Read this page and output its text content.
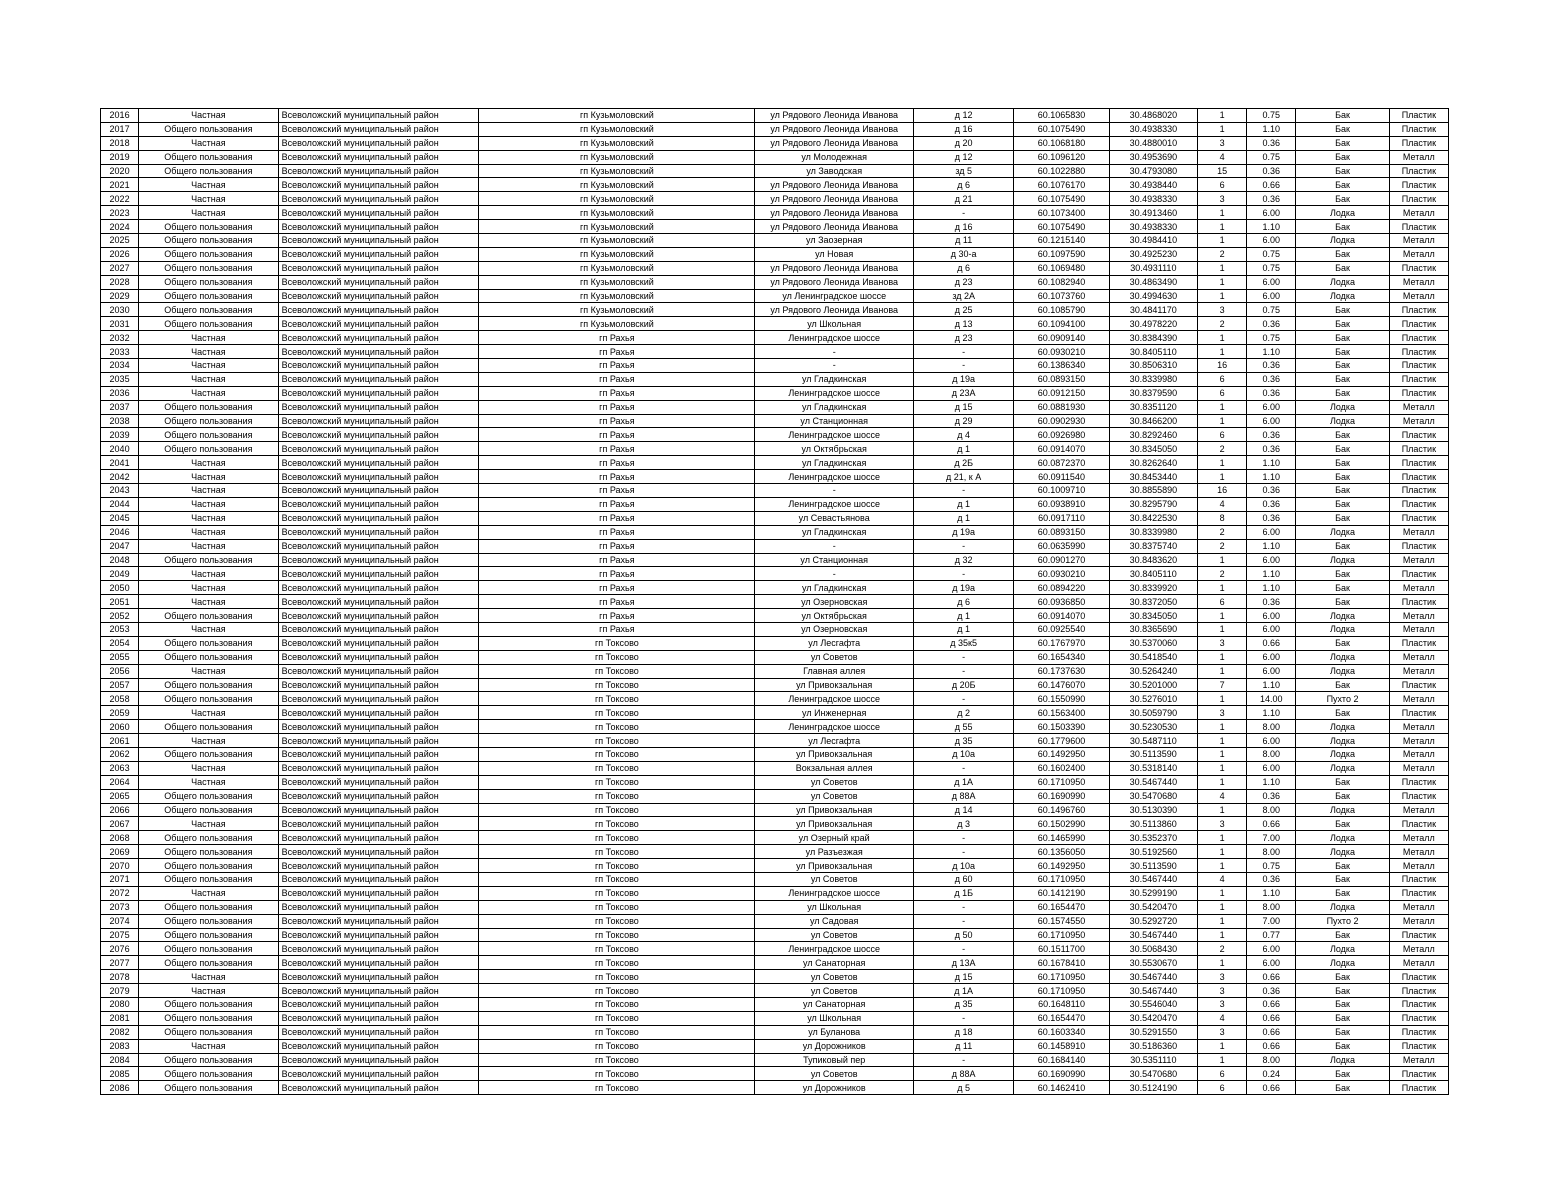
2016	Частная	Всеволожский муниципальный район	гп Кузьмоловский	ул Рядового Леонида Иванова	д 12	60.1065830	30.4868020	1	0.75	Бак	Пластик
2017	Общего пользования	Всеволожский муниципальный район	гп Кузьмоловский	ул Рядового Леонида Иванова	д 16	60.1075490	30.4938330	1	1.10	Бак	Пластик
2018	Частная	Всеволожский муниципальный район	гп Кузьмоловский	ул Рядового Леонида Иванова	д 20	60.1068180	30.4880010	3	0.36	Бак	Пластик
2019	Общего пользования	Всеволожский муниципальный район	гп Кузьмоловский	ул Молодежная	д 12	60.1096120	30.4953690	4	0.75	Бак	Металл
2020	Общего пользования	Всеволожский муниципальный район	гп Кузьмоловский	ул Заводская	зд 5	60.1022880	30.4793080	15	0.36	Бак	Пластик
2021	Частная	Всеволожский муниципальный район	гп Кузьмоловский	ул Рядового Леонида Иванова	д 6	60.1076170	30.4938440	6	0.66	Бак	Пластик
2022	Частная	Всеволожский муниципальный район	гп Кузьмоловский	ул Рядового Леонида Иванова	д 21	60.1075490	30.4938330	3	0.36	Бак	Пластик
2023	Частная	Всеволожский муниципальный район	гп Кузьмоловский	ул Рядового Леонида Иванова	-	60.1073400	30.4913460	1	6.00	Лодка	Металл
2024	Общего пользования	Всеволожский муниципальный район	гп Кузьмоловский	ул Рядового Леонида Иванова	д 16	60.1075490	30.4938330	1	1.10	Бак	Пластик
2025	Общего пользования	Всеволожский муниципальный район	гп Кузьмоловский	ул Заозерная	д 11	60.1215140	30.4984410	1	6.00	Лодка	Металл
2026	Общего пользования	Всеволожский муниципальный район	гп Кузьмоловский	ул Новая	д 30-а	60.1097590	30.4925230	2	0.75	Бак	Металл
2027	Общего пользования	Всеволожский муниципальный район	гп Кузьмоловский	ул Рядового Леонида Иванова	д 6	60.1069480	30.4931110	1	0.75	Бак	Пластик
2028	Общего пользования	Всеволожский муниципальный район	гп Кузьмоловский	ул Рядового Леонида Иванова	д 23	60.1082940	30.4863490	1	6.00	Лодка	Металл
2029	Общего пользования	Всеволожский муниципальный район	гп Кузьмоловский	ул Ленинградское шоссе	зд 2А	60.1073760	30.4994630	1	6.00	Лодка	Металл
2030	Общего пользования	Всеволожский муниципальный район	гп Кузьмоловский	ул Рядового Леонида Иванова	д 25	60.1085790	30.4841170	3	0.75	Бак	Пластик
2031	Общего пользования	Всеволожский муниципальный район	гп Кузьмоловский	ул Школьная	д 13	60.1094100	30.4978220	2	0.36	Бак	Пластик
2032	Частная	Всеволожский муниципальный район	гп Рахья	Ленинградское шоссе	д 23	60.0909140	30.8384390	1	0.75	Бак	Пластик
2033	Частная	Всеволожский муниципальный район	гп Рахья	-	-	60.0930210	30.8405110	1	1.10	Бак	Пластик
2034	Частная	Всеволожский муниципальный район	гп Рахья	-	-	60.1386340	30.8506310	16	0.36	Бак	Пластик
2035	Частная	Всеволожский муниципальный район	гп Рахья	ул Гладкинская	д 19а	60.0893150	30.8339980	6	0.36	Бак	Пластик
2036	Частная	Всеволожский муниципальный район	гп Рахья	Ленинградское шоссе	д 23А	60.0912150	30.8379590	6	0.36	Бак	Пластик
2037	Общего пользования	Всеволожский муниципальный район	гп Рахья	ул Гладкинская	д 15	60.0881930	30.8351120	1	6.00	Лодка	Металл
2038	Общего пользования	Всеволожский муниципальный район	гп Рахья	ул Станционная	д 29	60.0902930	30.8466200	1	6.00	Лодка	Металл
2039	Общего пользования	Всеволожский муниципальный район	гп Рахья	Ленинградское шоссе	д 4	60.0926980	30.8292460	6	0.36	Бак	Пластик
2040	Общего пользования	Всеволожский муниципальный район	гп Рахья	ул Октябрьская	д 1	60.0914070	30.8345050	2	0.36	Бак	Пластик
2041	Частная	Всеволожский муниципальный район	гп Рахья	ул Гладкинская	д 2Б	60.0872370	30.8262640	1	1.10	Бак	Пластик
2042	Частная	Всеволожский муниципальный район	гп Рахья	Ленинградское шоссе	д 21, к А	60.0911540	30.8453440	1	1.10	Бак	Пластик
2043	Частная	Всеволожский муниципальный район	гп Рахья	-	-	60.1009710	30.8855890	16	0.36	Бак	Пластик
2044	Частная	Всеволожский муниципальный район	гп Рахья	Ленинградское шоссе	д 1	60.0938910	30.8295790	4	0.36	Бак	Пластик
2045	Частная	Всеволожский муниципальный район	гп Рахья	ул Севастьянова	д 1	60.0917110	30.8422530	8	0.36	Бак	Пластик
2046	Частная	Всеволожский муниципальный район	гп Рахья	ул Гладкинская	д 19а	60.0893150	30.8339980	2	6.00	Лодка	Металл
2047	Частная	Всеволожский муниципальный район	гп Рахья	-	-	60.0635990	30.8375740	2	1.10	Бак	Пластик
2048	Общего пользования	Всеволожский муниципальный район	гп Рахья	ул Станционная	д 32	60.0901270	30.8483620	1	6.00	Лодка	Металл
2049	Частная	Всеволожский муниципальный район	гп Рахья	-	-	60.0930210	30.8405110	2	1.10	Бак	Пластик
2050	Частная	Всеволожский муниципальный район	гп Рахья	ул Гладкинская	д 19а	60.0894220	30.8339920	1	1.10	Бак	Металл
2051	Частная	Всеволожский муниципальный район	гп Рахья	ул Озерновская	д 6	60.0936850	30.8372050	6	0.36	Бак	Пластик
2052	Общего пользования	Всеволожский муниципальный район	гп Рахья	ул Октябрьская	д 1	60.0914070	30.8345050	1	6.00	Лодка	Металл
2053	Частная	Всеволожский муниципальный район	гп Рахья	ул Озерновская	д 1	60.0925540	30.8365690	1	6.00	Лодка	Металл
2054	Общего пользования	Всеволожский муниципальный район	гп Токсово	ул Лесгафта	д 35к5	60.1767970	30.5370060	3	0.66	Бак	Пластик
2055	Общего пользования	Всеволожский муниципальный район	гп Токсово	ул Советов	-	60.1654340	30.5418540	1	6.00	Лодка	Металл
2056	Частная	Всеволожский муниципальный район	гп Токсово	Главная аллея	-	60.1737630	30.5264240	1	6.00	Лодка	Металл
2057	Общего пользования	Всеволожский муниципальный район	гп Токсово	ул Привокзальная	д 20Б	60.1476070	30.5201000	7	1.10	Бак	Пластик
2058	Общего пользования	Всеволожский муниципальный район	гп Токсово	Ленинградское шоссе	-	60.1550990	30.5276010	1	14.00	Пухто 2	Металл
2059	Частная	Всеволожский муниципальный район	гп Токсово	ул Инженерная	д 2	60.1563400	30.5059790	3	1.10	Бак	Пластик
2060	Общего пользования	Всеволожский муниципальный район	гп Токсово	Ленинградское шоссе	д 55	60.1503390	30.5230530	1	8.00	Лодка	Металл
2061	Частная	Всеволожский муниципальный район	гп Токсово	ул Лесгафта	д 35	60.1779600	30.5487110	1	6.00	Лодка	Металл
2062	Общего пользования	Всеволожский муниципальный район	гп Токсово	ул Привокзальная	д 10а	60.1492950	30.5113590	1	8.00	Лодка	Металл
2063	Частная	Всеволожский муниципальный район	гп Токсово	Вокзальная аллея	-	60.1602400	30.5318140	1	6.00	Лодка	Металл
2064	Частная	Всеволожский муниципальный район	гп Токсово	ул Советов	д 1А	60.1710950	30.5467440	1	1.10	Бак	Пластик
2065	Общего пользования	Всеволожский муниципальный район	гп Токсово	ул Советов	д 88А	60.1690990	30.5470680	4	0.36	Бак	Пластик
2066	Общего пользования	Всеволожский муниципальный район	гп Токсово	ул Привокзальная	д 14	60.1496760	30.5130390	1	8.00	Лодка	Металл
2067	Частная	Всеволожский муниципальный район	гп Токсово	ул Привокзальная	д 3	60.1502990	30.5113860	3	0.66	Бак	Пластик
2068	Общего пользования	Всеволожский муниципальный район	гп Токсово	ул Озерный край	-	60.1465990	30.5352370	1	7.00	Лодка	Металл
2069	Общего пользования	Всеволожский муниципальный район	гп Токсово	ул Разъезжая	-	60.1356050	30.5192560	1	8.00	Лодка	Металл
2070	Общего пользования	Всеволожский муниципальный район	гп Токсово	ул Привокзальная	д 10а	60.1492950	30.5113590	1	0.75	Бак	Металл
2071	Общего пользования	Всеволожский муниципальный район	гп Токсово	ул Советов	д 60	60.1710950	30.5467440	4	0.36	Бак	Пластик
2072	Частная	Всеволожский муниципальный район	гп Токсово	Ленинградское шоссе	д 1Б	60.1412190	30.5299190	1	1.10	Бак	Пластик
2073	Общего пользования	Всеволожский муниципальный район	гп Токсово	ул Школьная	-	60.1654470	30.5420470	1	8.00	Лодка	Металл
2074	Общего пользования	Всеволожский муниципальный район	гп Токсово	ул Садовая	-	60.1574550	30.5292720	1	7.00	Пухто 2	Металл
2075	Общего пользования	Всеволожский муниципальный район	гп Токсово	ул Советов	д 50	60.1710950	30.5467440	1	0.77	Бак	Пластик
2076	Общего пользования	Всеволожский муниципальный район	гп Токсово	Ленинградское шоссе	-	60.1511700	30.5068430	2	6.00	Лодка	Металл
2077	Общего пользования	Всеволожский муниципальный район	гп Токсово	ул Санаторная	д 13А	60.1678410	30.5530670	1	6.00	Лодка	Металл
2078	Частная	Всеволожский муниципальный район	гп Токсово	ул Советов	д 15	60.1710950	30.5467440	3	0.66	Бак	Пластик
2079	Частная	Всеволожский муниципальный район	гп Токсово	ул Советов	д 1А	60.1710950	30.5467440	3	0.36	Бак	Пластик
2080	Общего пользования	Всеволожский муниципальный район	гп Токсово	ул Санаторная	д 35	60.1648110	30.5546040	3	0.66	Бак	Пластик
2081	Общего пользования	Всеволожский муниципальный район	гп Токсово	ул Школьная	-	60.1654470	30.5420470	4	0.66	Бак	Пластик
2082	Общего пользования	Всеволожский муниципальный район	гп Токсово	ул Буланова	д 18	60.1603340	30.5291550	3	0.66	Бак	Пластик
2083	Частная	Всеволожский муниципальный район	гп Токсово	ул Дорожников	д 11	60.1458910	30.5186360	1	0.66	Бак	Пластик
2084	Общего пользования	Всеволожский муниципальный район	гп Токсово	Тупиковый пер	-	60.1684140	30.5351110	1	8.00	Лодка	Металл
2085	Общего пользования	Всеволожский муниципальный район	гп Токсово	ул Советов	д 88А	60.1690990	30.5470680	6	0.24	Бак	Пластик
2086	Общего пользования	Всеволожский муниципальный район	гп Токсово	ул Дорожников	д 5	60.1462410	30.5124190	6	0.66	Бак	Пластик
